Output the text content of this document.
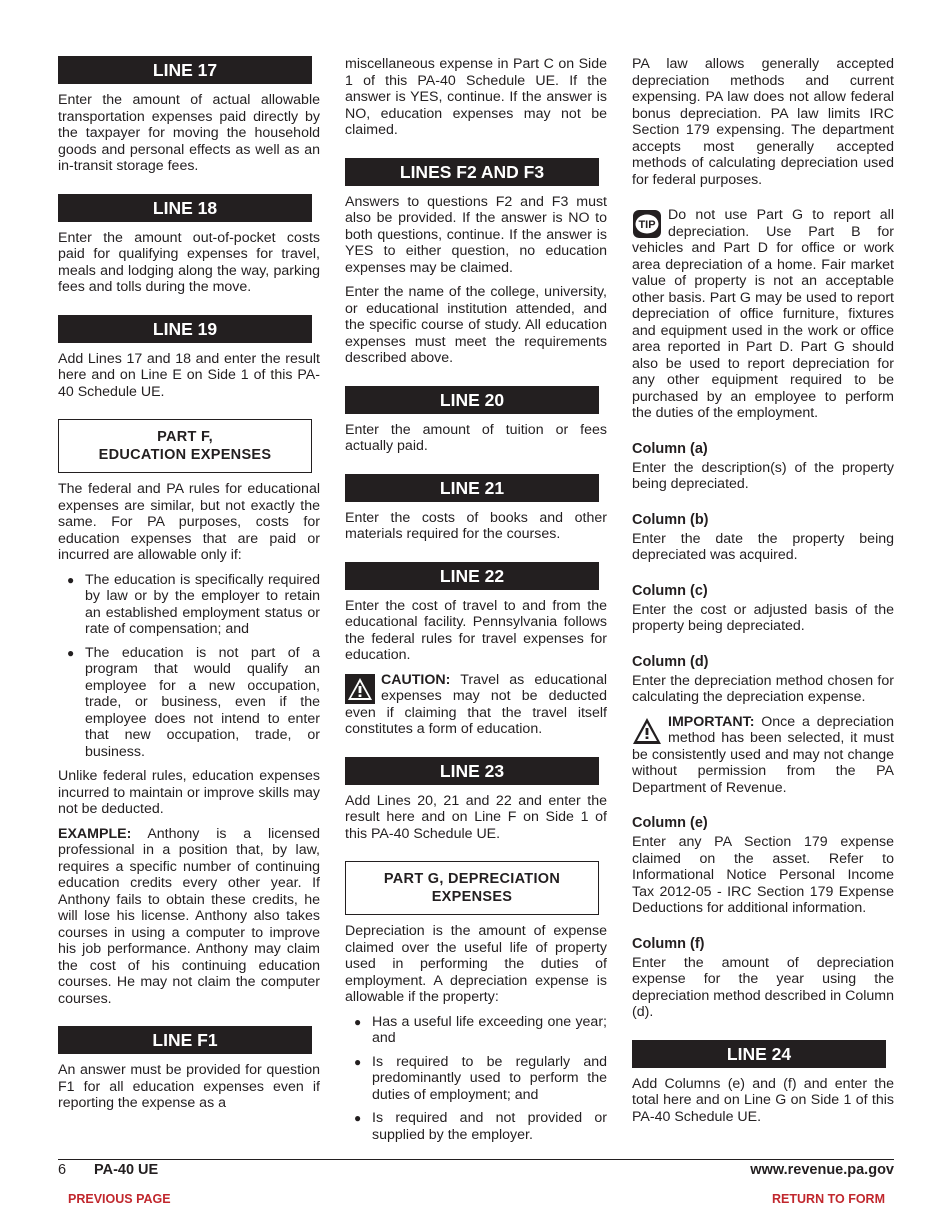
LINE 17

Enter the amount of actual allowable transportation expenses paid directly by the taxpayer for moving the household goods and personal effects as well as an in-transit storage fees.

LINE 18

Enter the amount out-of-pocket costs paid for qualifying expenses for travel, meals and lodging along the way, parking fees and tolls during the move.

LINE 19

Add Lines 17 and 18 and enter the result here and on Line E on Side 1 of this PA-40 Schedule UE.

PART F,
EDUCATION EXPENSES

The federal and PA rules for educational expenses are similar, but not exactly the same. For PA purposes, costs for education expenses that are paid or incurred are allowable only if:

● The education is specifically required by law or by the employer to retain an established employment status or rate of compensation; and
● The education is not part of a program that would qualify an employee for a new occupation, trade, or business, even if the employee does not intend to enter that new occupation, trade, or business.

Unlike federal rules, education expenses incurred to maintain or improve skills may not be deducted.

EXAMPLE: Anthony is a licensed professional in a position that, by law, requires a specific number of continuing education credits every other year. If Anthony fails to obtain these credits, he will lose his license. Anthony also takes courses in using a computer to improve his job performance. Anthony may claim the cost of his continuing education courses. He may not claim the computer courses.

LINE F1

An answer must be provided for question F1 for all education expenses even if reporting the expense as a

miscellaneous expense in Part C on Side 1 of this PA-40 Schedule UE. If the answer is YES, continue. If the answer is NO, education expenses may not be claimed.

LINES F2 AND F3

Answers to questions F2 and F3 must also be provided. If the answer is NO to both questions, continue. If the answer is YES to either question, no education expenses may be claimed.

Enter the name of the college, university, or educational institution attended, and the specific course of study. All education expenses must meet the requirements described above.

LINE 20

Enter the amount of tuition or fees actually paid.

LINE 21

Enter the costs of books and other materials required for the courses.

LINE 22

Enter the cost of travel to and from the educational facility. Pennsylvania follows the federal rules for travel expenses for education.

CAUTION: Travel as educational expenses may not be deducted even if claiming that the travel itself constitutes a form of education.

LINE 23

Add Lines 20, 21 and 22 and enter the result here and on Line F on Side 1 of this PA-40 Schedule UE.

PART G, DEPRECIATION
EXPENSES

Depreciation is the amount of expense claimed over the useful life of property used in performing the duties of employment. A depreciation expense is allowable if the property:

● Has a useful life exceeding one year; and
● Is required to be regularly and predominantly used to perform the duties of employment; and
● Is required and not provided or supplied by the employer.

PA law allows generally accepted depreciation methods and current expensing. PA law does not allow federal bonus depreciation. PA law limits IRC Section 179 expensing. The department accepts most generally accepted methods of calculating depreciation used for federal purposes.

TIP
Do not use Part G to report all depreciation. Use Part B for vehicles and Part D for office or work area depreciation of a home. Fair market value of property is not an acceptable other basis. Part G may be used to report depreciation of office furniture, fixtures and equipment used in the work or office area reported in Part D. Part G should also be used to report depreciation for any other equipment required to be purchased by an employee to perform the duties of the employment.

Column (a)

Enter the description(s) of the property being depreciated.

Column (b)

Enter the date the property being depreciated was acquired.

Column (c)

Enter the cost or adjusted basis of the property being depreciated.

Column (d)

Enter the depreciation method chosen for calculating the depreciation expense.

IMPORTANT: Once a depreciation method has been selected, it must be consistently used and may not change without permission from the PA Department of Revenue.

Column (e)

Enter any PA Section 179 expense claimed on the asset. Refer to Informational Notice Personal Income Tax 2012-05 - IRC Section 179 Expense Deductions for additional information.

Column (f)

Enter the amount of depreciation expense for the year using the depreciation method described in Column (d).

LINE 24

Add Columns (e) and (f) and enter the total here and on Line G on Side 1 of this PA-40 Schedule UE.

6 PA-40 UE	www.revenue.pa.gov
PREVIOUS PAGE	RETURN TO FORM
